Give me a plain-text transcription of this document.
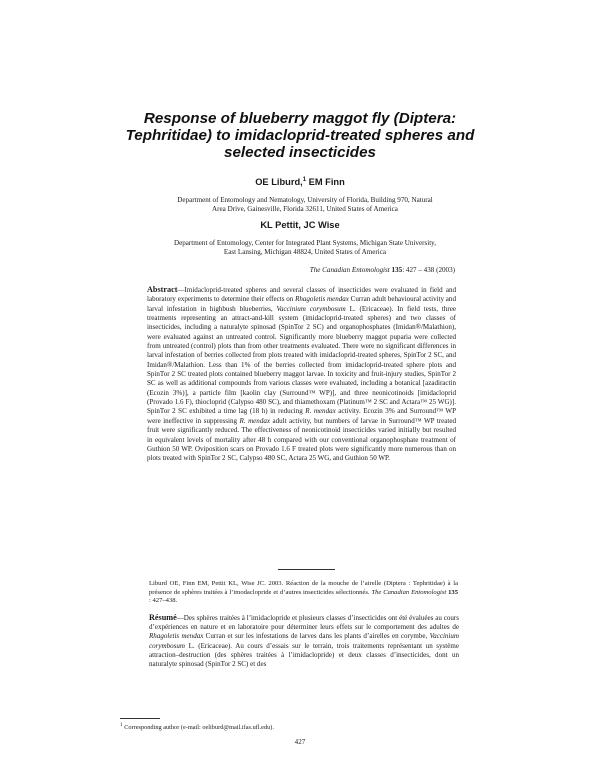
Response of blueberry maggot fly (Diptera:
Tephritidae) to imidacloprid-treated spheres and
selected insecticides
OE Liburd,$^1$ EM Finn
Department of Entomology and Nematology, University of Florida, Building 970, Natural
Area Drive, Gainesville, Florida 32611, United States of America
KL Pettit, JC Wise
Department of Entomology, Center for Integrated Plant Systems, Michigan State University,
East Lansing, Michigan 48824, United States of America
The Canadian Entomologist 135: 427 – 438 (2003)
Abstract—Imidacloprid-treated spheres and several classes of insecticides were evaluated in field and laboratory experiments to determine their effects on Rhagoletis mendax Curran adult behavioural activity and larval infestation in highbush blueberries, Vaccinium corymbosum L. (Ericaceae). In field tests, three treatments representing an attract-and-kill system (imidacloprid-treated spheres) and two classes of insecticides, including a naturalyte spinosad (SpinTor 2 SC) and organophosphates (Imidan®/Malathion), were evaluated against an untreated control. Significantly more blueberry maggot puparia were collected from untreated (control) plots than from other treatments evaluated. There were no significant differences in larval infestation of berries collected from plots treated with imidacloprid-treated spheres, SpinTor 2 SC, and Imidan®/Malathion. Less than 1% of the berries collected from imidacloprid-treated sphere plots and SpinTor 2 SC treated plots contained blueberry maggot larvae. In toxicity and fruit-injury studies, SpinTor 2 SC as well as additional compounds from various classes were evaluated, including a botanical [azadiractin (Ecozin 3%)], a particle film [kaolin clay (Surround™ WP)], and three neonicotinoids [imidacloprid (Provado 1.6 F), thiocloprid (Calypso 480 SC), and thiamethoxam (Platinum™ 2 SC and Actara™ 25 WG)]. SpinTor 2 SC exhibited a time lag (18 h) in reducing R. mendax activity. Ecozin 3% and Surround™ WP were ineffective in suppressing R. mendax adult activity, but numbers of larvae in Surround™ WP treated fruit were significantly reduced. The effectiveness of neonicotinoid insecticides varied initially but resulted in equivalent levels of mortality after 48 h compared with our conventional organophosphate treatment of Guthion 50 WP. Oviposition scars on Provado 1.6 F treated plots were significantly more numerous than on plots treated with SpinTor 2 SC, Calypso 480 SC, Actara 25 WG, and Guthion 50 WP.
Liburd OE, Finn EM, Pettit KL, Wise JC. 2003. Réaction de la mouche de l’airelle (Diptera : Tephritidae) à la présence de sphères traitées à l’imodaclopride et d’autres insecticides sélectionnés. The Canadian Entomologist 135 : 427–438.
Résumé—Des sphères traitées à l’imidaclopride et plusieurs classes d’insecticides ont été évaluées au cours d’expériences en nature et en laboratoire pour déterminer leurs effets sur le comportement des adultes de Rhagoletis mendax Curran et sur les infestations de larves dans les plants d’airelles en corymbe, Vaccinium corymbosum L. (Ericaceae). Au cours d’essais sur le terrain, trois traitements représentant un système attraction–destruction (des sphères traitées à l’imidaclopride) et deux classes d’insecticides, dont un naturalyte spinosad (SpinTor 2 SC) et des
$^1$ Corresponding author (e-mail: oeliburd@mail.ifas.ufl.edu).
427
